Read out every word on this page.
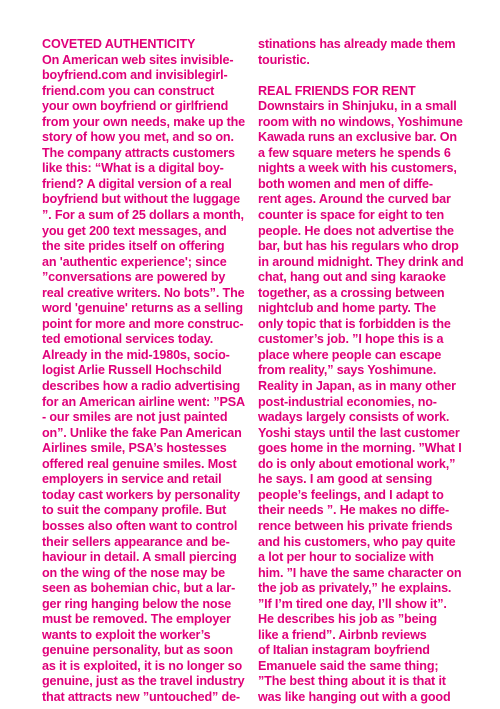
COVETED AUTHENTICITY
On American web sites invisible-
boyfriend.com and invisiblegirl-
friend.com you can construct
your own boyfriend or girlfriend
from your own needs, make up the
story of how you met, and so on.
The company attracts customers
like this: “What is a digital boy-
friend? A digital version of a real
boyfriend but without the luggage
”. For a sum of 25 dollars a month,
you get 200 text messages, and
the site prides itself on offering
an 'authentic experience'; since
”conversations are powered by
real creative writers. No bots”. The
word 'genuine' returns as a selling
point for more and more construc-
ted emotional services today.
Already in the mid-1980s, socio-
logist Arlie Russell Hochschild
describes how a radio advertising
for an American airline went: ”PSA
- our smiles are not just painted
on”. Unlike the fake Pan American
Airlines smile, PSA’s hostesses
offered real genuine smiles. Most
employers in service and retail
today cast workers by personality
to suit the company profile. But
bosses also often want to control
their sellers appearance and be-
haviour in detail. A small piercing
on the wing of the nose may be
seen as bohemian chic, but a lar-
ger ring hanging below the nose
must be removed. The employer
wants to exploit the worker’s
genuine personality, but as soon
as it is exploited, it is no longer so
genuine, just as the travel industry
that attracts new ”untouched” de-
stinations has already made them
touristic.
REAL FRIENDS FOR RENT
Downstairs in Shinjuku, in a small
room with no windows, Yoshimune
Kawada runs an exclusive bar. On
a few square meters he spends 6
nights a week with his customers,
both women and men of diffe-
rent ages. Around the curved bar
counter is space for eight to ten
people. He does not advertise the
bar, but has his regulars who drop
in around midnight. They drink and
chat, hang out and sing karaoke
together, as a crossing between
nightclub and home party. The
only topic that is forbidden is the
customer’s job. ”I hope this is a
place where people can escape
from reality,” says Yoshimune.
Reality in Japan, as in many other
post-industrial economies, no-
wadays largely consists of work.
Yoshi stays until the last customer
goes home in the morning. ”What I
do is only about emotional work,”
he says. I am good at sensing
people’s feelings, and I adapt to
their needs ”. He makes no diffe-
rence between his private friends
and his customers, who pay quite
a lot per hour to socialize with
him. ”I have the same character on
the job as privately,” he explains.
”If I’m tired one day, I’ll show it”.
He describes his job as ”being
like a friend”. Airbnb reviews
of Italian instagram boyfriend
Emanuele said the same thing;
”The best thing about it is that it
was like hanging out with a good
